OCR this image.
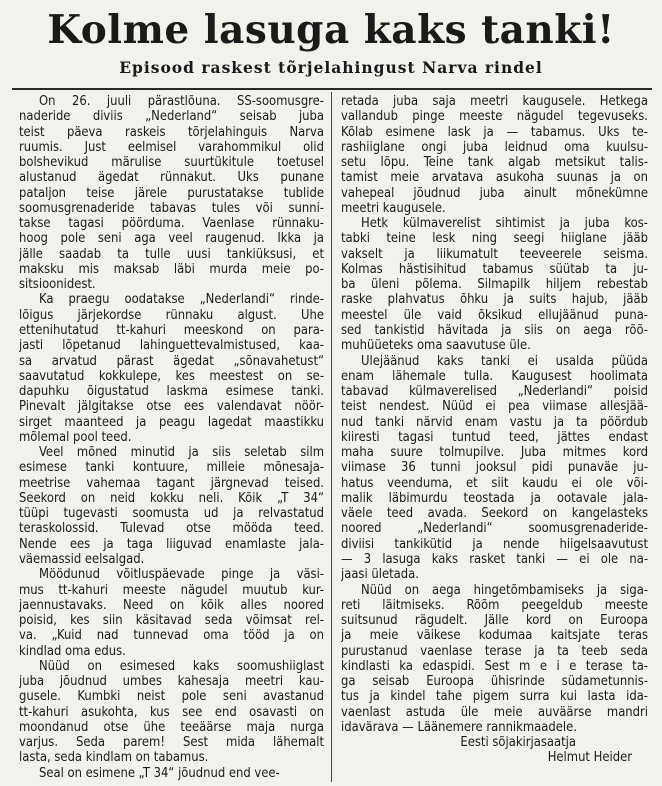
Kolme lasuga kaks tanki!
Episood raskest tõrjelahingust Narva rindel
On 26. juuli pärastlõuna. SS-soomusgre-
naderide diviis „Nederland“ seisab juba
teist päeva raskeis tõrjelahinguis Narva
ruumis. Just eelmisel varahommikul olid
bolshevikud märulise suurtükitule toetusel
alustanud ägedat rünnakut. Üks punane
pataljon teise järele purustatakse tublide
soomusgrenaderide tabavas tules või sunni-
takse tagasi pöörduma. Vaenlase rünnaku-
hoog pole seni aga veel raugenud. Ikka ja
jälle saadab ta tulle uusi tankiüksusi, et
maksku mis maksab läbi murda meie po-
sitsioonidest.
Ka praegu oodatakse „Nederlandi“ rinde-
lõigus järjekordse rünnaku algust. Ühe
ettenihutatud tt-kahuri meeskond on para-
jasti lõpetanud lahinguettevalmistused, kaa-
sa arvatud pärast ägedat „sõnavahetust“
saavutatud kokkulepe, kes meestest on se-
dapuhku õigustatud laskma esimese tanki.
Pinevalt jälgitakse otse ees valendavat nöör-
sirget maanteed ja peagu lagedat maastikku
mõlemal pool teed.
Veel mõned minutid ja siis seletab silm
esimese tanki kontuure, milleie mõnesaja-
meetrise vahemaa tagant järgnevad teised.
Seekord on neid kokku neli. Kõik „T 34“
tüüpi tugevasti soomusta ud ja relvastatud
teraskolossid. Tulevad otse mööda teed.
Nende ees ja taga liiguvad enamlaste jala-
väemassid eelsalgad.
Möödunud võitluspäevade pinge ja väsi-
mus tt-kahuri meeste nägudel muutub kur-
jaennustavaks. Need on kõik alles noored
poisid, kes siin käsitavad seda võimsat rel-
va. „Kuid nad tunnevad oma tööd ja on
kindlad oma edus.
Nüüd on esimesed kaks soomushiiglast
juba jõudnud umbes kahesaja meetri kau-
gusele. Kumbki neist pole seni avastanud
tt-kahuri asukohta, kus see end osavasti on
moondanud otse ühe teeäärse maja nurga
varjus. Seda parem! Sest mida lähemalt
lasta, seda kindlam on tabamus.
Seal on esimene „T 34“ jõudnud end vee-
retada juba saja meetri kaugusele. Hetkega
vallandub pinge meeste nägudel tegevuseks.
Kõlab esimene lask ja — tabamus. Üks te-
rashiiglane ongi juba leidnud oma kuulsu-
setu lõpu. Teine tank algab metsikut talis-
tamist meie arvatava asukoha suunas ja on
vahepeal jõudnud juba ainult mõnekümne
meetri kaugusele.
Hetk külmaverelist sihtimist ja juba kos-
tabki teine lesk ning seegi hiiglane jääb
vakselt ja liikumatult teeveerele seisma.
Kolmas hästisihitud tabamus süütab ta ju-
ba üleni põlema. Silmapilk hiljem rebestab
raske plahvatus õhku ja suits hajub, jääb
meestel üle vaid õksikud ellujäänud puna-
sed tankistid hävitada ja siis on aega rõõ-
muhüüeteks oma saavutuse üle.
Ülejäänud kaks tanki ei usalda püüda
enam lähemale tulla. Kaugusest hoolimata
tabavad külmaverelised „Nederlandi“ poisid
teist nendest. Nüüd ei pea viimase allesjää-
nud tanki närvid enam vastu ja ta pöördub
kiiresti tagasi tuntud teed, jättes endast
maha suure tolmupilve. Juba mitmes kord
viimase 36 tunni jooksul pidi punaväe ju-
hatus veenduma, et siit kaudu ei ole või-
malik läbimurdu teostada ja ootavale jala-
väele teed avada. Seekord on kangelasteks
noored „Nederlandi“ soomusgrenaderide-
diviisi tankikütid ja nende hiigelsaavutust
— 3 lasuga kaks rasket tanki — ei ole na-
jaasi ületada.
Nüüd on aega hingetõmbamiseks ja siga-
reti läitmiseks. Rõõm peegeldub meeste
suitsunud rägudelt. Jälle kord on Euroopa
ja meie väikese kodumaa kaitsjate teras
purustanud vaenlase terase ja ta teeb seda
kindlasti ka edaspidi. Sest m e i e terase ta-
ga seisab Euroopa ühisrinde südametunnis-
tus ja kindel tahe pigem surra kui lasta ida-
vaenlast astuda üle meie auväärse mandri
idaväravа — Läänemere rannikmaadele.
Eesti sõjakirjasaatja
Helmut Heider
